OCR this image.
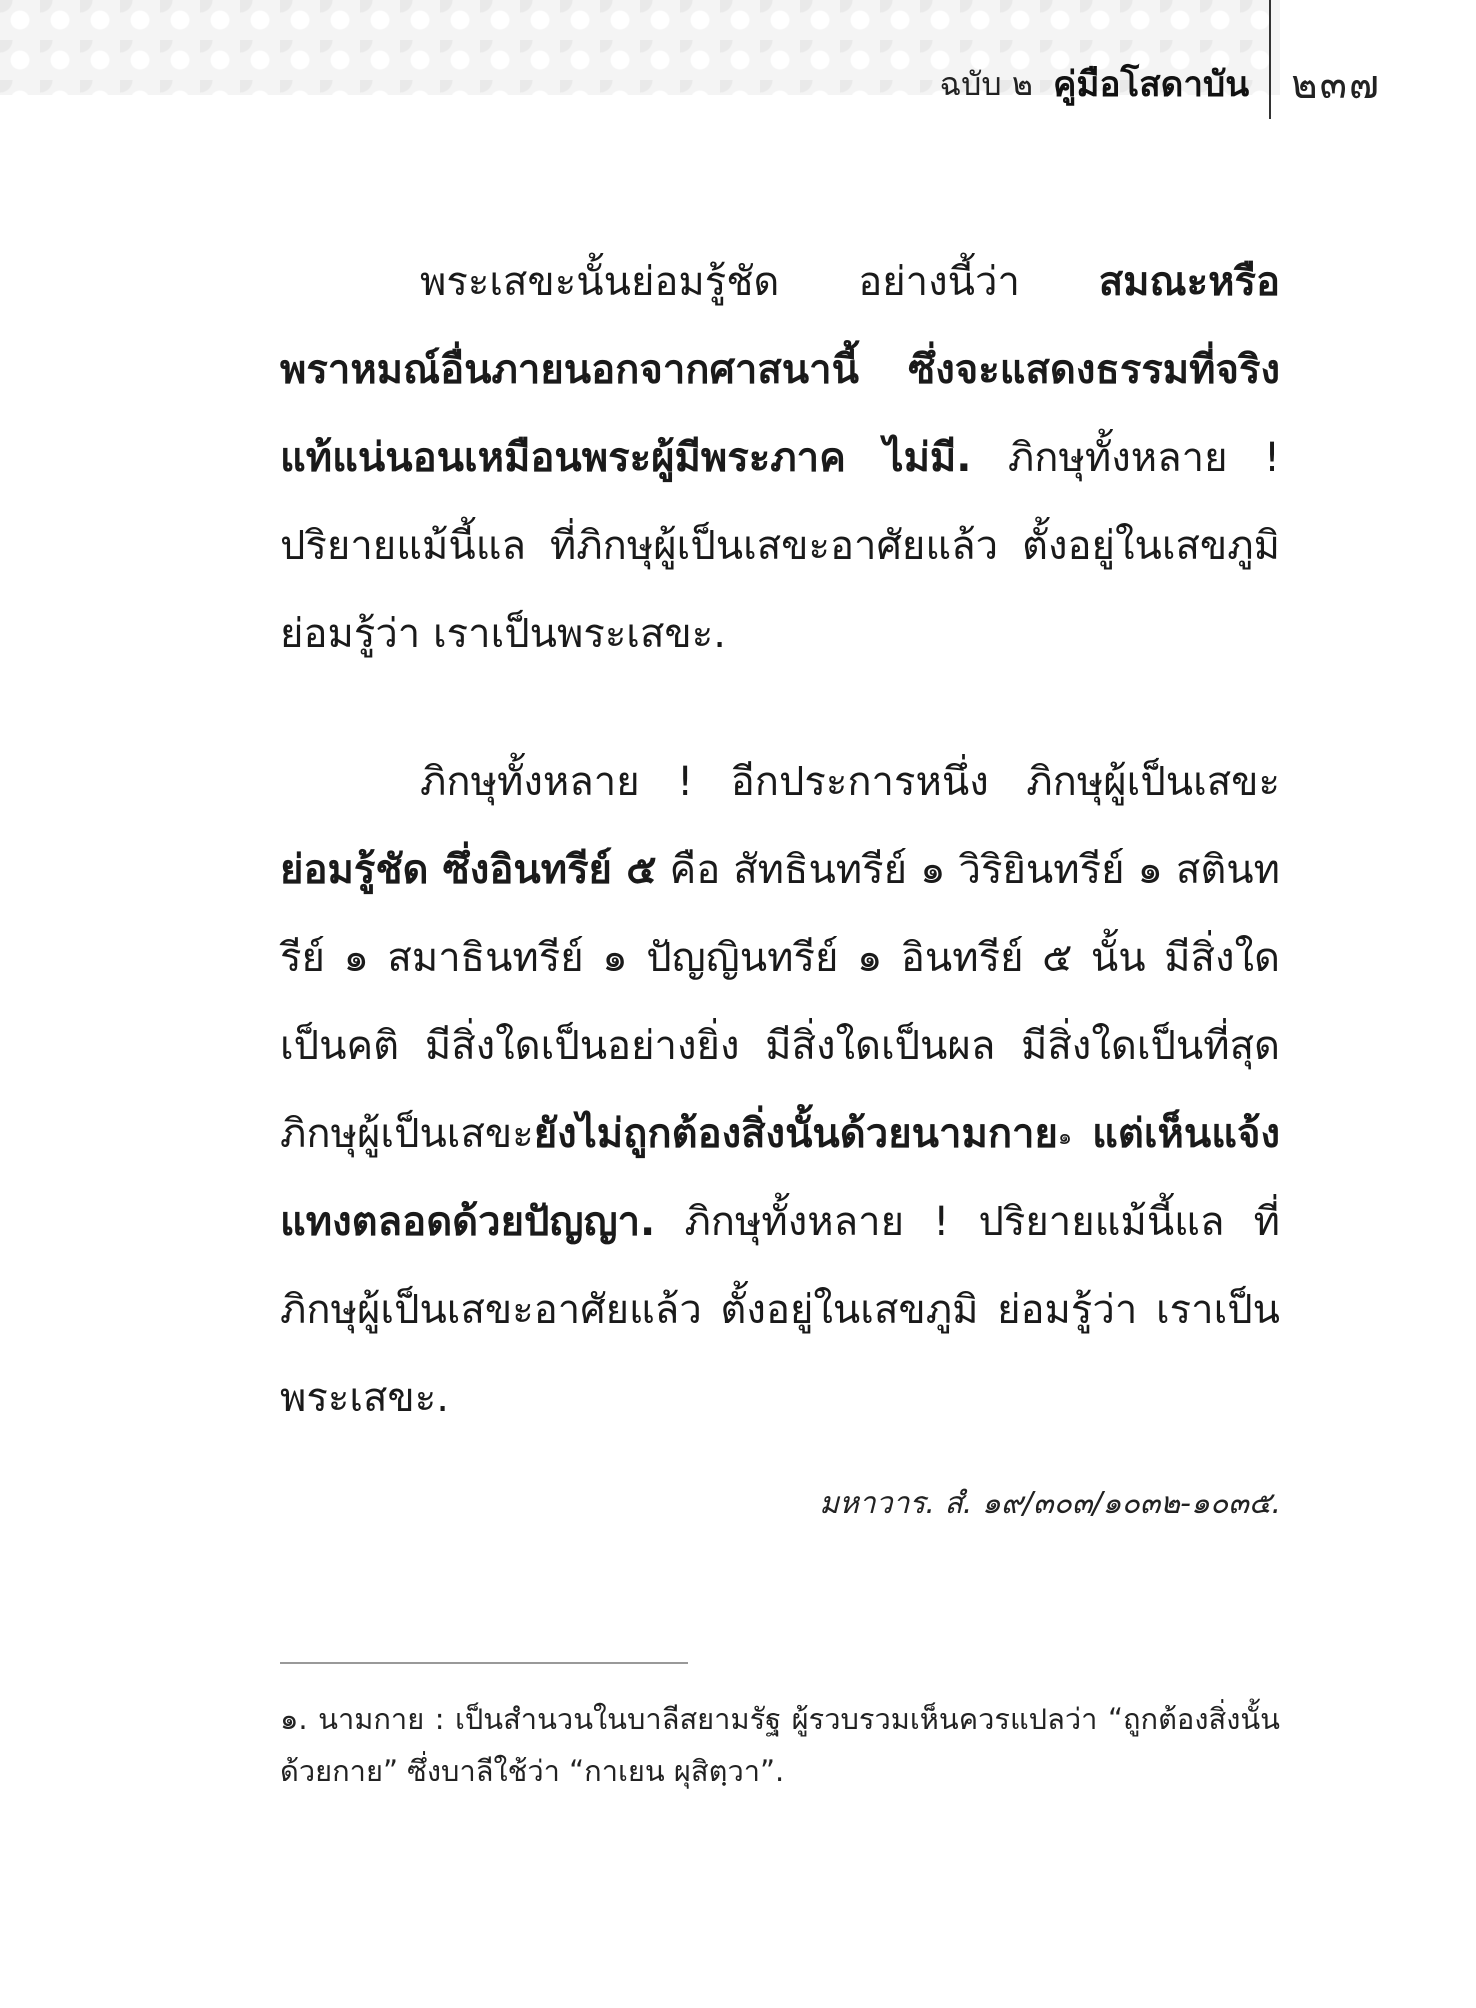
ฉบับ ๒ คู่มือโสดาบัน ๒๓๗

พระเสขะนั้นย่อมรู้ชัด อย่างนี้ว่า สมณะหรือพราหมณ์อื่นภายนอกจากศาสนานี้ ซึ่งจะแสดงธรรมที่จริงแท้แน่นอนเหมือนพระผู้มีพระภาค ไม่มี. ภิกษุทั้งหลาย ! ปริยายแม้นี้แล ที่ภิกษุผู้เป็นเสขะอาศัยแล้ว ตั้งอยู่ในเสขภูมิ ย่อมรู้ว่า เราเป็นพระเสขะ.

ภิกษุทั้งหลาย ! อีกประการหนึ่ง ภิกษุผู้เป็นเสขะ ย่อมรู้ชัด ซึ่งอินทรีย์ ๕ คือ สัทธินทรีย์ ๑ วิริยินทรีย์ ๑ สตินทรีย์ ๑ สมาธินทรีย์ ๑ ปัญญินทรีย์ ๑ อินทรีย์ ๕ นั้น มีสิ่งใดเป็นคติ มีสิ่งใดเป็นอย่างยิ่ง มีสิ่งใดเป็นผล มีสิ่งใดเป็นที่สุด ภิกษุผู้เป็นเสขะยังไม่ถูกต้องสิ่งนั้นด้วยนามกาย$^๑$ แต่เห็นแจ้งแทงตลอดด้วยปัญญา. ภิกษุทั้งหลาย ! ปริยายแม้นี้แล ที่ภิกษุผู้เป็นเสขะอาศัยแล้ว ตั้งอยู่ในเสขภูมิ ย่อมรู้ว่า เราเป็นพระเสขะ.

มหาวาร. สํ. ๑๙/๓๐๓/๑๐๓๒-๑๐๓๕.
๑. นามกาย : เป็นสำนวนในบาลีสยามรัฐ ผู้รวบรวมเห็นควรแปลว่า “ถูกต้องสิ่งนั้นด้วยกาย” ซึ่งบาลีใช้ว่า “กาเยน ผุสิตฺวา”.
